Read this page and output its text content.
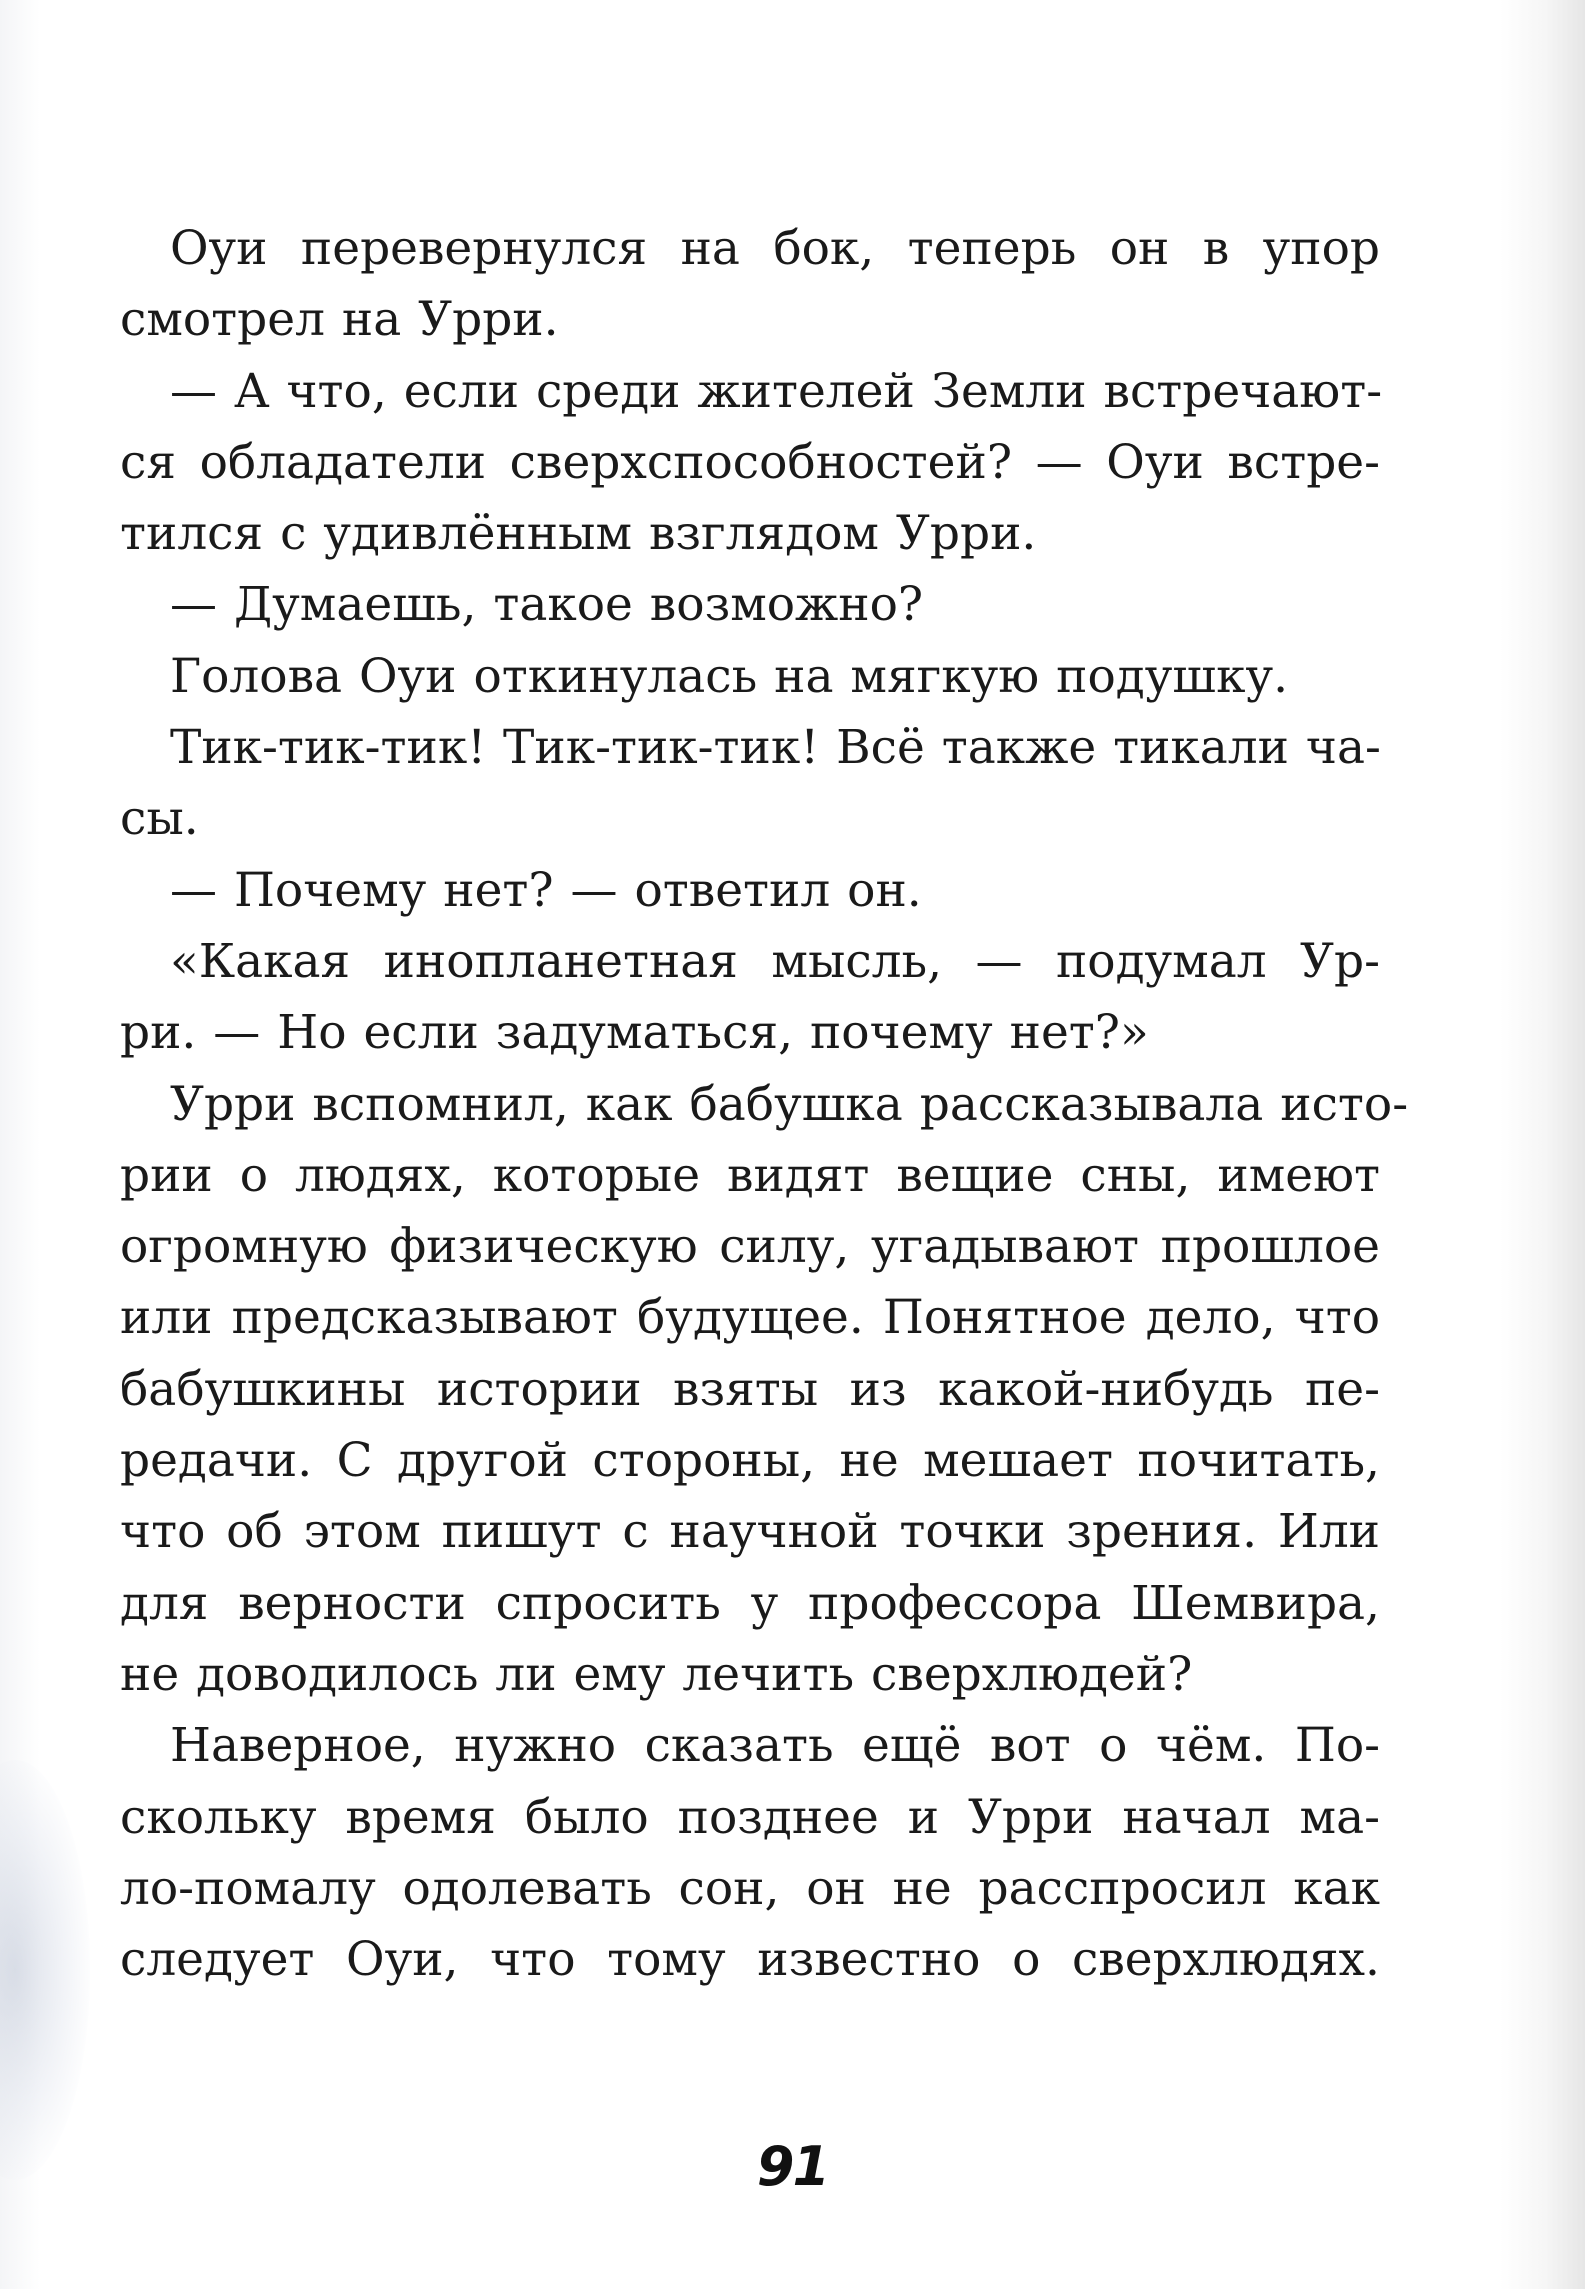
Оуи перевернулся на бок, теперь он в упор
смотрел на Урри.
— А что, если среди жителей Земли встречают-
ся обладатели сверхспособностей? — Оуи встре-
тился с удивлённым взглядом Урри.
— Думаешь, такое возможно?
Голова Оуи откинулась на мягкую подушку.
Тик-тик-тик! Тик-тик-тик! Всё также тикали ча-
сы.
— Почему нет? — ответил он.
«Какая инопланетная мысль, — подумал Ур-
ри. — Но если задуматься, почему нет?»
Урри вспомнил, как бабушка рассказывала исто-
рии о людях, которые видят вещие сны, имеют
огромную физическую силу, угадывают прошлое
или предсказывают будущее. Понятное дело, что
бабушкины истории взяты из какой-нибудь пе-
редачи. С другой стороны, не мешает почитать,
что об этом пишут с научной точки зрения. Или
для верности спросить у профессора Шемвира,
не доводилось ли ему лечить сверхлюдей?
Наверное, нужно сказать ещё вот о чём. По-
скольку время было позднее и Урри начал ма-
ло-помалу одолевать сон, он не расспросил как
следует Оуи, что тому известно о сверхлюдях.
91
